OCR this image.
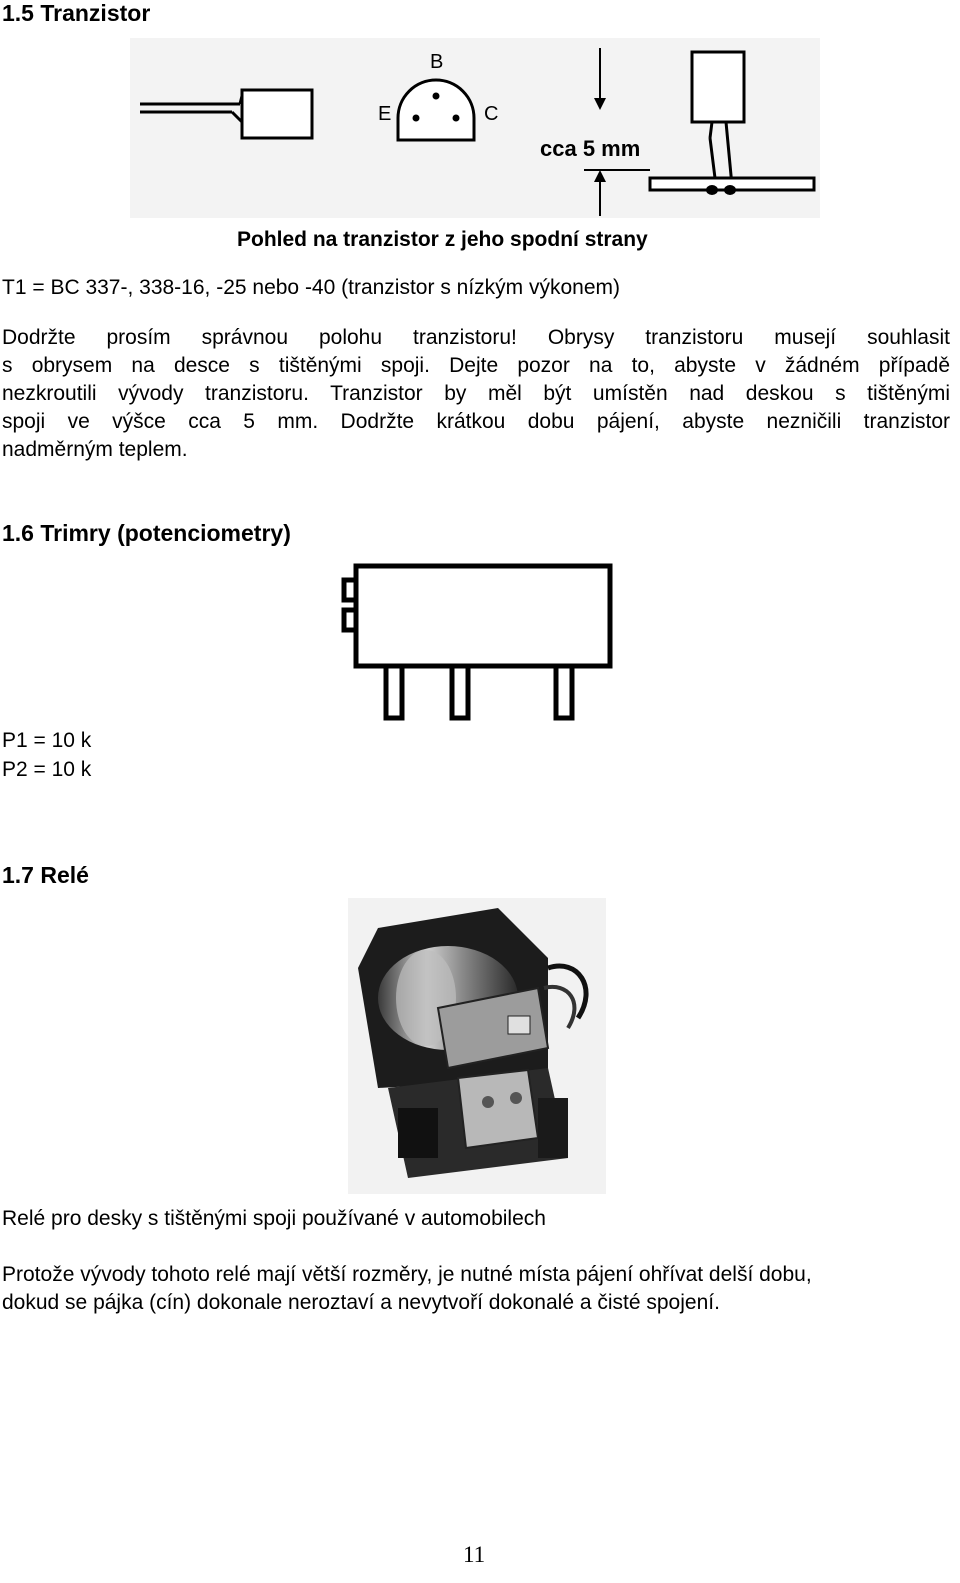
1.5 Tranzistor
B
E	C
cca 5 mm
Pohled na tranzistor z jeho spodní strany
T1 = BC 337-, 338-16, -25 nebo -40 (tranzistor s nízkým výkonem)
Dodržte prosím správnou polohu tranzistoru! Obrysy tranzistoru musejí souhlasit
s obrysem na desce s tištěnými spoji. Dejte pozor na to, abyste v žádném případě
nezkroutili vývody tranzistoru. Tranzistor by měl být umístěn nad deskou s tištěnými
spoji ve výšce cca 5 mm. Dodržte krátkou dobu pájení, abyste nezničili tranzistor
nadměrným teplem.
1.6 Trimry (potenciometry)
P1 = 10 k
P2 = 10 k
1.7 Relé
Relé pro desky s tištěnými spoji používané v automobilech
Protože vývody tohoto relé mají větší rozměry, je nutné místa pájení ohřívat delší dobu,
dokud se pájka (cín) dokonale neroztaví a nevytvoří dokonalé a čisté spojení.
11
